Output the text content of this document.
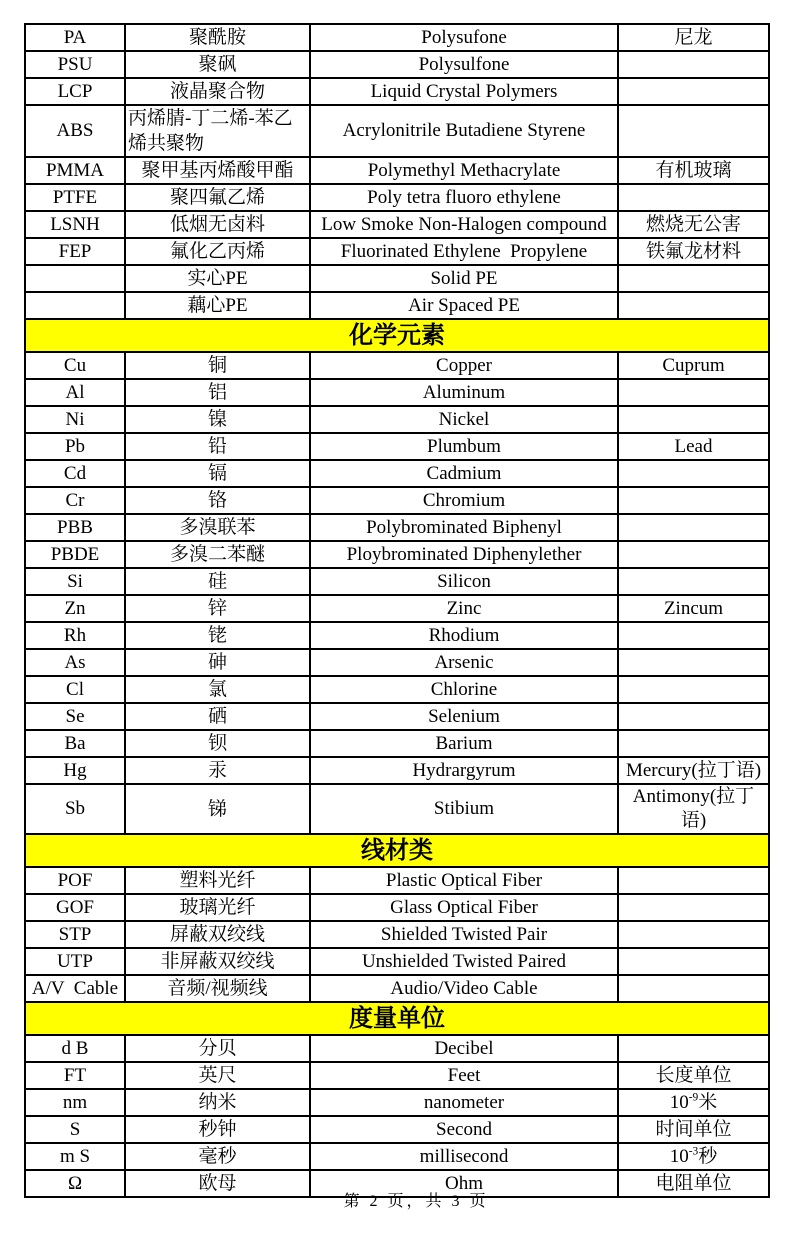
PA	聚酰胺	Polysufone	尼龙
PSU	聚砜	Polysulfone	
LCP	液晶聚合物	Liquid Crystal Polymers	
ABS	丙烯腈-丁二烯-苯乙烯共聚物	Acrylonitrile Butadiene Styrene	
PMMA	聚甲基丙烯酸甲酯	Polymethyl Methacrylate	有机玻璃
PTFE	聚四氟乙烯	Poly tetra fluoro ethylene	
LSNH	低烟无卤料	Low Smoke Non-Halogen compound	燃烧无公害
FEP	氟化乙丙烯	Fluorinated Ethylene  Propylene	铁氟龙材料
	实心PE	Solid PE	
	藕心PE	Air Spaced PE	
化学元素			
Cu	铜	Copper	Cuprum
Al	铝	Aluminum	
Ni	镍	Nickel	
Pb	铅	Plumbum	Lead
Cd	镉	Cadmium	
Cr	铬	Chromium	
PBB	多溴联苯	Polybrominated Biphenyl	
PBDE	多溴二苯醚	Ploybrominated Diphenylether	
Si	硅	Silicon	
Zn	锌	Zinc	Zincum
Rh	铑	Rhodium	
As	砷	Arsenic	
Cl	氯	Chlorine	
Se	硒	Selenium	
Ba	钡	Barium	
Hg	汞	Hydrargyrum	Mercury(拉丁语)
Sb	锑	Stibium	Antimony(拉丁语)
线材类			
POF	塑料光纤	Plastic Optical Fiber	
GOF	玻璃光纤	Glass Optical Fiber	
STP	屏蔽双绞线	Shielded Twisted Pair	
UTP	非屏蔽双绞线	Unshielded Twisted Paired	
A/V  Cable	音频/视频线	Audio/Video Cable	
度量单位			
d B	分贝	Decibel	
FT	英尺	Feet	长度单位
nm	纳米	nanometer	$10^{-9}$米
S	秒钟	Second	时间单位
m S	毫秒	millisecond	$10^{-3}$秒
Ω	欧母	Ohm	电阻单位
第 2 页，共 3 页
